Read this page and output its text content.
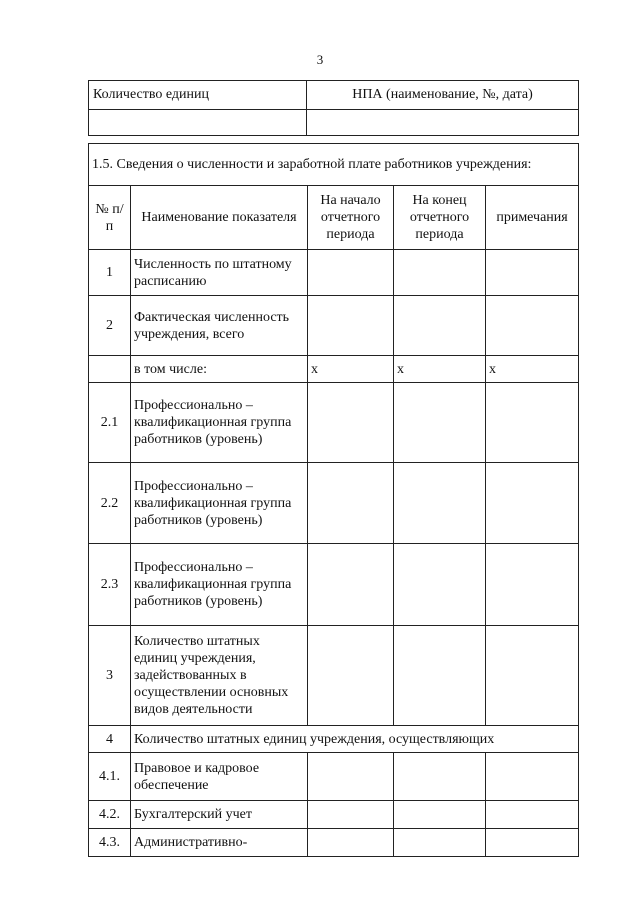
3
Количество единиц	НПА (наименование, №, дата)

1.5. Сведения о численности и заработной плате работников учреждения:				
№ п/п	Наименование показателя	На начало отчетного периода	На конец отчетного периода	примечания
1	Численность по штатному расписанию			
2	Фактическая численность учреждения, всего			
	в том числе:	х	х	х
2.1	Профессионально – квалификационная группа работников (уровень)			
2.2	Профессионально – квалификационная группа работников (уровень)			
2.3	Профессионально – квалификационная группа работников (уровень)			
3	Количество штатных единиц учреждения, задействованных в осуществлении основных видов деятельности			
4	Количество штатных единиц учреждения, осуществляющих			
4.1.	Правовое и кадровое обеспечение			
4.2.	Бухгалтерский учет			
4.3.	Административно-			
